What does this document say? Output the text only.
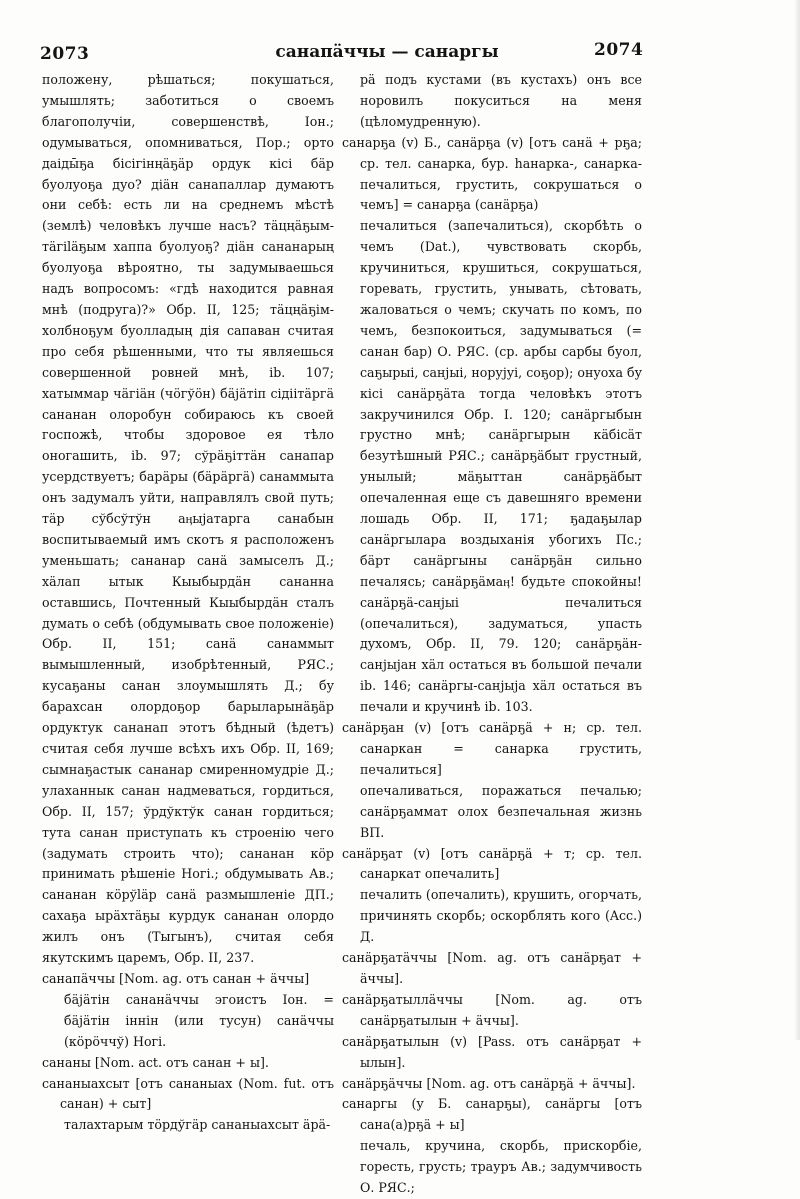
2073	санапäччы — санаргы	2074

положену, рѣшаться; покушаться, умышлять; заботиться о своемъ благополучіи, совершенствѣ, Іон.; одумываться, опомниваться, Пор.; орто даіды̄ҕа бісігінңäҕäр ордук кісі бäр буолуоҕа дуо? діäн санапаллар думаютъ они себѣ: есть ли на среднемъ мѣстѣ (землѣ) человѣкъ лучше насъ? тäцңäҕым-тäгіläҕым хаппа буолуоҕ? діäн сананарың буолуоҕа вѣроятно, ты задумываешься надъ вопросомъ: «гдѣ находится равная мнѣ (подруга)?» Обр. II, 125; тäцңäҕім- холбноҕум буолладың дія сапаван считая про себя рѣшенными, что ты являешься совершенной ровней мнѣ, ib. 107; хатыммар чäгіäн (чöгўöн) бäjäтіп сідіітäргä сананан олоробун собираюсь къ своей госпожѣ, чтобы здоровое ея тѣло оногашить, ib. 97; сўрäҕіттäн санапар усердствуетъ; барäры (бäрäргä) санаммыта онъ задумалъ уйти, направлялъ свой путь; тäр сўбсўтўн аӊыjатарга санабын воспитываемый имъ скотъ я расположенъ уменьшать; сананар санä замыселъ Д.; хäлап ытык Кыыбырдäн сананна оставшись, Почтенный Кыыбырдäн сталъ думать о себѣ (обдумывать свое положеніе) Обр. II, 151; санä санаммыт вымышленный, изобрѣтенный, РЯС.; кусаҕаны санан злоумышлять Д.; бу барахсан олордоҕор барыларынäҕäр ордуктук сананап этотъ бѣдный (ѣдетъ) считая себя лучше всѣхъ ихъ Обр. II, 169; сымнаҕастык сананар смиренномудріе Д.; улаханнык санан надмеваться, гордиться, Обр. II, 157; ўрдўктўк санан гордиться; тута санан приступать къ строенію чего (задумать строить что); сананан кöр принимать рѣшеніе Ногі.; обдумывать Ав.; сананан кöрўläр санä размышленіе ДП.; сахаҕа ырäхтäҕы курдук сананан олордо жилъ онъ (Тыгынъ), считая себя якутскимъ царемъ, Обр. II, 237.

санапäччы [Nom. ag. отъ санан + äччы]

бäjäтін сананäччы эгоистъ Іон. = бäjäтін іннін (или тусун) санäччы (кöрöччў) Ногі.

сананы [Nom. act. отъ санан + ы].

сананыахсыт [отъ сананыах (Nom. fut. отъ санан) + сыт]

талахтарым тöрдўгäр сананыахсыт äрä-

рä подъ кустами (въ кустахъ) онъ все норовилъ покуситься на меня (цѣломудренную).

санарҕа (v) Б., санäрҕа (v) [отъ санä + рҕа; ср. тел. санарка, бур. hанарка-, санарка- печалиться, грустить, сокрушаться о чемъ] = санарҕа (санäрҕа)

печалиться (запечалиться), скорбѣть о чемъ (Dat.), чувствовать скорбь, кручиниться, крушиться, сокрушаться, горевать, грустить, унывать, сѣтовать, жаловаться о чемъ; скучать по комъ, по чемъ, безпокоиться, задумываться (= санан бар) О. РЯС. (ср. арбы сарбы буол, саҕырыі, санjыі, норуjуі, соҕор); онуоха бу кісі санäрҕäта тогда человѣкъ этотъ закручинился Обр. I. 120; санäргыбын грустно мнѣ; санäргырын кäбісäт безутѣшный РЯС.; санäрҕäбыт грустный, унылый; мäҕыттан санäрҕäбыт опечаленная еще съ давешняго времени лошадь Обр. II, 171; ҕадаҕылар санäргылара воздыханія убогихъ Пс.; бäрт санäргыны санäрҕäн сильно печалясь; санäрҕäмаӊ! будьте спокойны! санäрҕä-санjыі печалиться (опечалиться), задуматься, упасть духомъ, Обр. II, 79. 120; санäрҕäн-санjыjан хäл остаться въ большой печали ib. 146; санäргы-санjыjа хäл остаться въ печали и кручинѣ ib. 103.

санäрҕан (v) [отъ санäрҕä + н; ср. тел. санаркан = санарка грустить, печалиться]

опечаливаться, поражаться печалью; санäрҕаммат олох безпечальная жизнь ВП.

санäрҕат (v) [отъ санäрҕä + т; ср. тел. санаркат опечалить]

печалить (опечалить), крушить, огорчать, причинять скорбь; оскорблять кого (Acc.) Д.

санäрҕатäччы [Nom. ag. отъ санäрҕат + äччы].

санäрҕатыллäччы [Nom. ag. отъ санäрҕатылын + äччы].

санäрҕатылын (v) [Pass. отъ санäрҕат + ылын].

санäрҕäччы [Nom. ag. отъ санäрҕä + äччы].

санаргы (у Б. санарҕы), санäргы [отъ сана(а)рҕä + ы]

печаль, кручина, скорбь, прискорбіе, горесть, грусть; трауръ Ав.; задумчивость О. РЯС.;
